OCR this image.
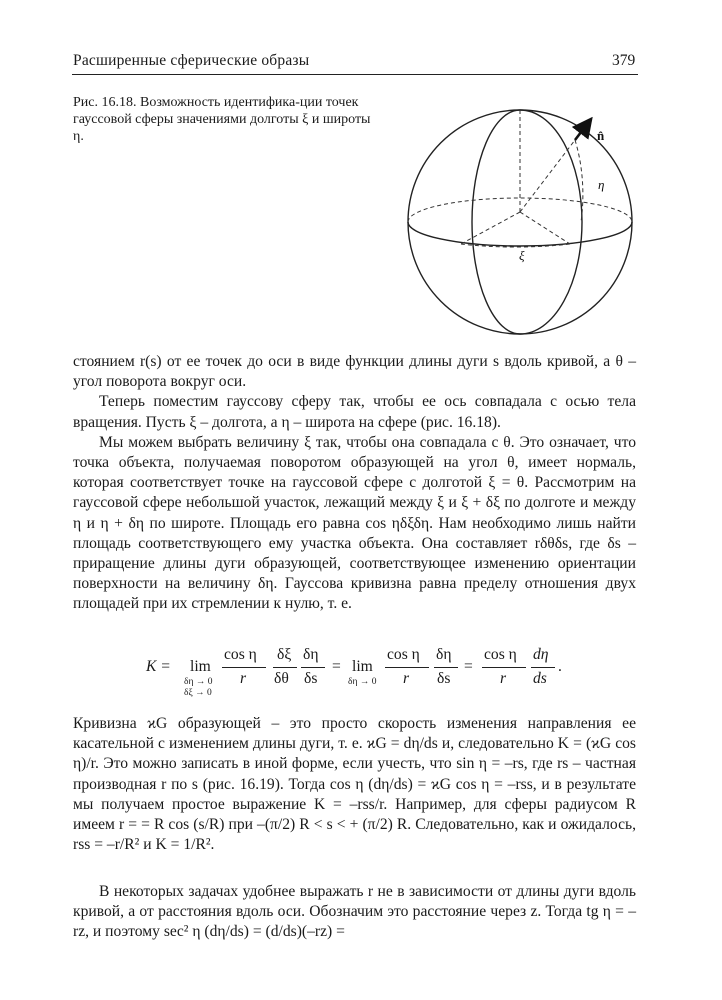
Расширенные сферические образы	379
Рис. 16.18. Возможность идентифика-ции точек гауссовой сферы значениями долготы ξ и широты η.	n̂
η
ξ

стоянием r(s) от ее точек до оси в виде функции длины дуги s вдоль кривой, а θ – угол поворота вокруг оси.

Теперь поместим гауссову сферу так, чтобы ее ось совпадала с осью тела вращения. Пусть ξ – долгота, а η – широта на сфере (рис. 16.18).

Мы можем выбрать величину ξ так, чтобы она совпадала с θ. Это означает, что точка объекта, получаемая поворотом образующей на угол θ, имеет нормаль, которая соответствует точке на гауссовой сфере с долготой ξ = θ. Рассмотрим на гауссовой сфере небольшой участок, лежащий между ξ и ξ + δξ по долготе и между η и η + δη по широте. Площадь его равна cos ηδξδη. Нам необходимо лишь найти площадь соответствующего ему участка объекта. Она составляет rδθδs, где δs – приращение длины дуги образующей, соответствующее изменению ориентации поверхности на величину δη. Гауссова кривизна равна пределу отношения двух площадей при их стремлении к нулю, т. е.

K = lim
δη → 0
δξ → 0
cos η
r
δξ
δθ
δη
δs
= lim
δη → 0
cos η
r
δη
δs
=
cos η
r
dη
ds
.

Кривизна ϰG образующей – это просто скорость изменения направления ее касательной с изменением длины дуги, т. е. ϰG = dη/ds и, следовательно K = (ϰG cos η)/r. Это можно записать в иной форме, если учесть, что sin η = –rs, где rs – частная производная r по s (рис. 16.19). Тогда cos η (dη/ds) = ϰG cos η = –rss, и в результате мы получаем простое выражение K = –rss/r. Например, для сферы радиусом R имеем r = = R cos (s/R) при –(π/2) R < s < + (π/2) R. Следовательно, как и ожидалось, rss = –r/R² и K = 1/R².

В некоторых задачах удобнее выражать r не в зависимости от длины дуги вдоль кривой, а от расстояния вдоль оси. Обозначим это расстояние через z. Тогда tg η = –rz, и поэтому sec² η (dη/ds) = (d/ds)(–rz) =
